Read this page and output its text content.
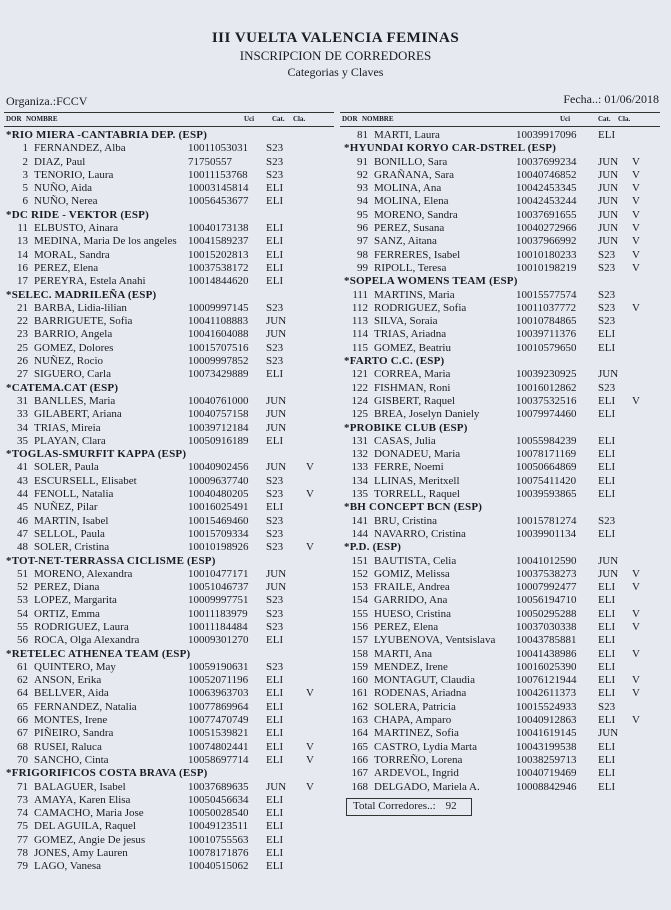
III VUELTA VALENCIA FEMINAS
INSCRIPCION DE CORREDORES
Categorias y Claves
Organiza.:FCCV	Fecha..: 01/06/2018
DOR NOMBRE	Uci	Cat. Cla.
*RIO MIERA -CANTABRIA DEP. (ESP)
1 FERNANDEZ, Alba	10011053031 S23
2 DIAZ, Paul	71750557	S23
3 TENORIO, Laura	10011153768 S23
5 NUÑO, Aida	10003145814 ELI
6 NUÑO, Nerea	10056453677 ELI
*DC RIDE - VEKTOR (ESP)
11 ELBUSTO, Ainara	10040173138 ELI
13 MEDINA, Maria De los angeles 10041589237 ELI
14 MORAL, Sandra	10015202813 ELI
16 PEREZ, Elena	10037538172 ELI
17 PEREYRA, Estela Anahi	10014844620 ELI
*SELEC. MADRILEÑA (ESP)
21 BARBA, Lidia-lilian	10009997145 S23
22 BARRIGUETE, Sofia	10041108883 JUN
23 BARRIO, Angela	10041604088 JUN
25 GOMEZ, Dolores	10015707516 S23
26 NUÑEZ, Rocio	10009997852 S23
27 SIGUERO, Carla	10073429889 ELI
*CATEMA.CAT (ESP)
31 BANLLES, Maria	10040761000 JUN
33 GILABERT, Ariana	10040757158 JUN
34 TRIAS, Mireia	10039712184 JUN
35 PLAYAN, Clara	10050916189 ELI
*TOGLAS-SMURFIT KAPPA (ESP)
41 SOLER, Paula	10040902456 JUN V
43 ESCURSELL, Elisabet	10009637740 S23
44 FENOLL, Natalia	10040480205 S23 V
45 NUÑEZ, Pilar	10016025491 ELI
46 MARTIN, Isabel	10015469460 S23
47 SELLOL, Paula	10015709334 S23
48 SOLER, Cristina	10010198926 S23 V
*TOT-NET-TERRASSA CICLISME (ESP)
51 MORENO, Alexandra	10010477171 JUN
52 PEREZ, Diana	10051046737 JUN
53 LOPEZ, Margarita	10009997751 S23
54 ORTIZ, Emma	10011183979 S23
55 RODRIGUEZ, Laura	10011184484 S23
56 ROCA, Olga Alexandra	10009301270 ELI
*RETELEC ATHENEA TEAM (ESP)
61 QUINTERO, May	10059190631 S23
62 ANSON, Erika	10052071196 ELI
64 BELLVER, Aida	10063963703 ELI V
65 FERNANDEZ, Natalia	10077869964 ELI
66 MONTES, Irene	10077470749 ELI
67 PIÑEIRO, Sandra	10051539821 ELI
68 RUSEI, Raluca	10074802441 ELI V
70 SANCHO, Cinta	10058697714 ELI V
*FRIGORIFICOS COSTA BRAVA (ESP)
71 BALAGUER, Isabel	10037689635 JUN V
73 AMAYA, Karen Elisa	10050456634 ELI
74 CAMACHO, Maria Jose	10050028540 ELI
75 DEL AGUILA, Raquel	10049123511 ELI
77 GOMEZ, Angie De jesus	10010755563 ELI
78 JONES, Amy Lauren	10078171876 ELI
79 LAGO, Vanesa	10040515062 ELI
DOR NOMBRE	Uci	Cat. Cla.
81 MARTI, Laura	10039917096 ELI
*HYUNDAI KORYO CAR-DSTREL (ESP)
91 BONILLO, Sara	10037699234 JUN V
92 GRAÑANA, Sara	10040746852 JUN V
93 MOLINA, Ana	10042453345 JUN V
94 MOLINA, Elena	10042453244 JUN V
95 MORENO, Sandra	10037691655 JUN V
96 PEREZ, Susana	10040272966 JUN V
97 SANZ, Aitana	10037966992 JUN V
98 FERRERES, Isabel	10010180233 S23 V
99 RIPOLL, Teresa	10010198219 S23 V
*SOPELA WOMENS TEAM (ESP)
111 MARTINS, Maria	10015577574 S23
112 RODRIGUEZ, Sofia	10011037772 S23 V
113 SILVA, Soraia	10010784865 S23
114 TRIAS, Ariadna	10039711376 ELI
115 GOMEZ, Beatriu	10010579650 ELI
*FARTO C.C. (ESP)
121 CORREA, Maria	10039230925 JUN
122 FISHMAN, Roni	10016012862 S23
124 GISBERT, Raquel	10037532516 ELI V
125 BREA, Joselyn Daniely	10079974460 ELI
*PROBIKE CLUB (ESP)
131 CASAS, Julia	10055984239 ELI
132 DONADEU, Maria	10078171169 ELI
133 FERRE, Noemi	10050664869 ELI
134 LLINAS, Meritxell	10075411420 ELI
135 TORRELL, Raquel	10039593865 ELI
*BH CONCEPT BCN (ESP)
141 BRU, Cristina	10015781274 S23
144 NAVARRO, Cristina	10039901134 ELI
*P.D. (ESP)
151 BAUTISTA, Celia	10041012590 JUN
152 GOMIZ, Melissa	10037538273 JUN V
153 FRAILE, Andrea	10007992477 ELI V
154 GARRIDO, Ana	10056194710 ELI
155 HUESO, Cristina	10050295288 ELI V
156 PEREZ, Elena	10037030338 ELI V
157 LYUBENOVA, Ventsislava 10043785881 ELI
158 MARTI, Ana	10041438986 ELI V
159 MENDEZ, Irene	10016025390 ELI
160 MONTAGUT, Claudia	10076121944 ELI V
161 RODENAS, Ariadna	10042611373 ELI V
162 SOLERA, Patricia	10015524933 S23
163 CHAPA, Amparo	10040912863 ELI V
164 MARTINEZ, Sofia	10041619145 JUN
165 CASTRO, Lydia Marta	10043199538 ELI
166 TORREÑO, Lorena	10038259713 ELI
167 ARDEVOL, Ingrid	10040719469 ELI
168 DELGADO, Mariela A.	10008842946 ELI
Total Corredores..: 92
